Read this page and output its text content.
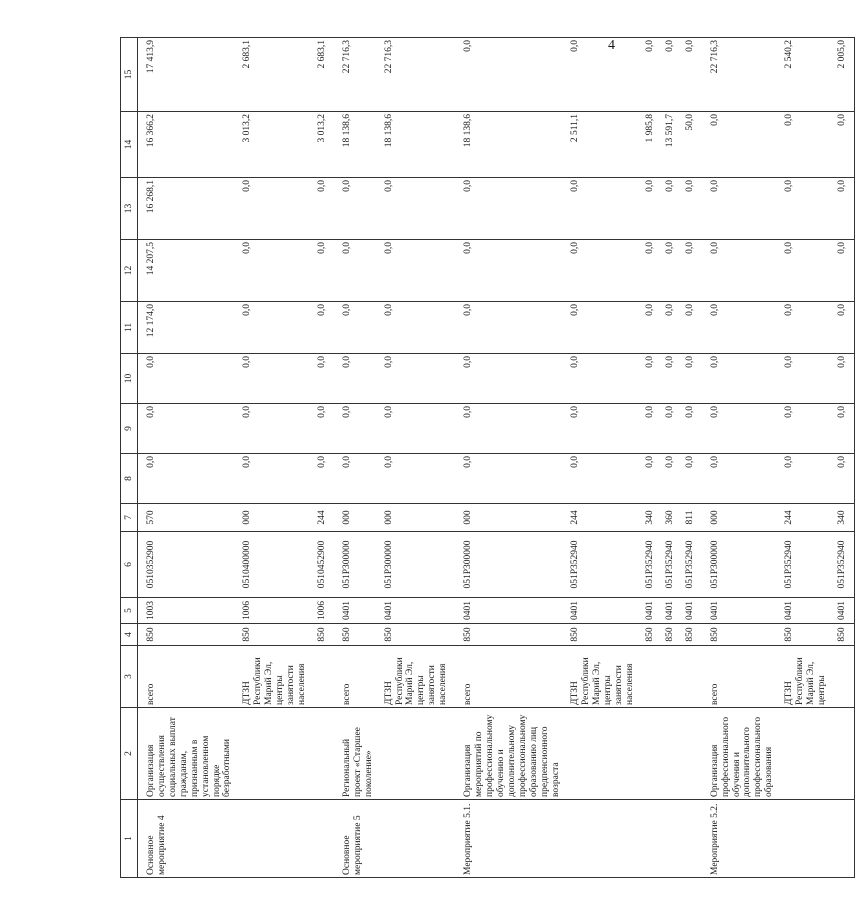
4
1	2	3	4	5	6	7	8	9	10	11	12	13	14	15
Основное мероприятие 4	Организация осуществления социальных выплат гражданам, признанным в установленном порядке безработными	всего	850	1003	0510352900	570	0,0	0,0	0,0	12 174,0	14 207,5	16 268,1	16 366,2	17 413,9
		ДТЗН Республики Марий Эл, центры занятости населения	850	1006	0510400000	000	0,0	0,0	0,0	0,0	0,0	0,0	3 013,2	2 683,1
			850	1006	0510452900	244	0,0	0,0	0,0	0,0	0,0	0,0	3 013,2	2 683,1
Основное мероприятие 5	Региональный проект «Старшее поколение»	всего	850	0401	051P300000	000	0,0	0,0	0,0	0,0	0,0	0,0	18 138,6	22 716,3
		ДТЗН Республики Марий Эл, центры занятости населения	850	0401	051P300000	000	0,0	0,0	0,0	0,0	0,0	0,0	18 138,6	22 716,3
Мероприятие 5.1.	Организация мероприятий по профессиональному обучению и дополнительному профессиональному образованию лиц предпенсионного возраста	всего	850	0401	051P300000	000	0,0	0,0	0,0	0,0	0,0	0,0	18 138,6	0,0
		ДТЗН Республики Марий Эл, центры занятости населения	850	0401	051P352940	244	0,0	0,0	0,0	0,0	0,0	0,0	2 511,1	0,0
			850	0401	051P352940	340	0,0	0,0	0,0	0,0	0,0	0,0	1 985,8	0,0
			850	0401	051P352940	360	0,0	0,0	0,0	0,0	0,0	0,0	13 591,7	0,0
			850	0401	051P352940	811	0,0	0,0	0,0	0,0	0,0	0,0	50,0	0,0
Мероприятие 5.2.	Организация профессионального обучения и дополнительного профессионального образования	всего	850	0401	051P300000	000	0,0	0,0	0,0	0,0	0,0	0,0	0,0	22 716,3
		ДТЗН Республики Марий Эл, центры	850	0401	051P352940	244	0,0	0,0	0,0	0,0	0,0	0,0	0,0	2 540,2
			850	0401	051P352940	340	0,0	0,0	0,0	0,0	0,0	0,0	0,0	2 005,0
